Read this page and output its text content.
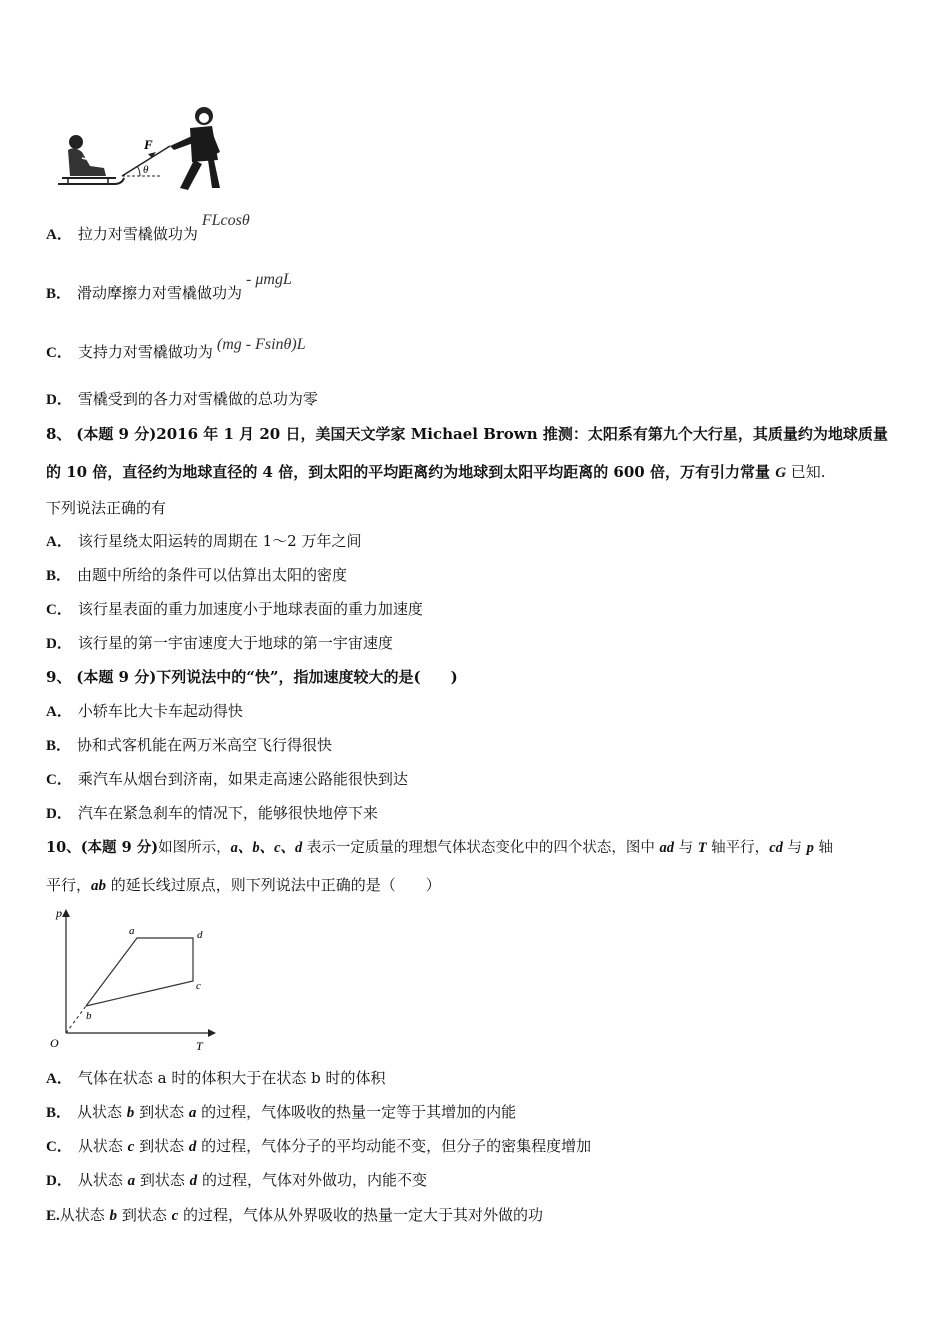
θ
F
A． 拉力对雪橇做功为FLcosθ
B． 滑动摩擦力对雪橇做功为- μmgL
C． 支持力对雪橇做功为 (mg - Fsinθ)L
D． 雪橇受到的各力对雪橇做的总功为零
8、 (本题 9 分)2016 年 1 月 20 日，美国天文学家 Michael Brown 推测：太阳系有第九个大行星，其质量约为地球质量
的 10 倍，直径约为地球直径的 4 倍，到太阳的平均距离约为地球到太阳平均距离的 600 倍，万有引力常量 G 已知.
下列说法正确的有
A． 该行星绕太阳运转的周期在 1～2 万年之间
B． 由题中所给的条件可以估算出太阳的密度
C． 该行星表面的重力加速度小于地球表面的重力加速度
D． 该行星的第一宇宙速度大于地球的第一宇宙速度
9、 (本题 9 分)下列说法中的“快”，指加速度较大的是(　　)
A． 小轿车比大卡车起动得快
B． 协和式客机能在两万米高空飞行得很快
C． 乘汽车从烟台到济南，如果走高速公路能很快到达
D． 汽车在紧急刹车的情况下，能够很快地停下来
10、(本题 9 分)如图所示，a、b、c、d 表示一定质量的理想气体状态变化中的四个状态，图中 ad 与 T 轴平行，cd 与 p 轴
平行，ab 的延长线过原点，则下列说法中正确的是（　　）
p
T
O
a
b
c
d
A． 气体在状态 a 时的体积大于在状态 b 时的体积
B． 从状态 b 到状态 a 的过程，气体吸收的热量一定等于其增加的内能
C． 从状态 c 到状态 d 的过程，气体分子的平均动能不变，但分子的密集程度增加
D． 从状态 a 到状态 d 的过程，气体对外做功，内能不变
E.从状态 b 到状态 c 的过程，气体从外界吸收的热量一定大于其对外做的功
